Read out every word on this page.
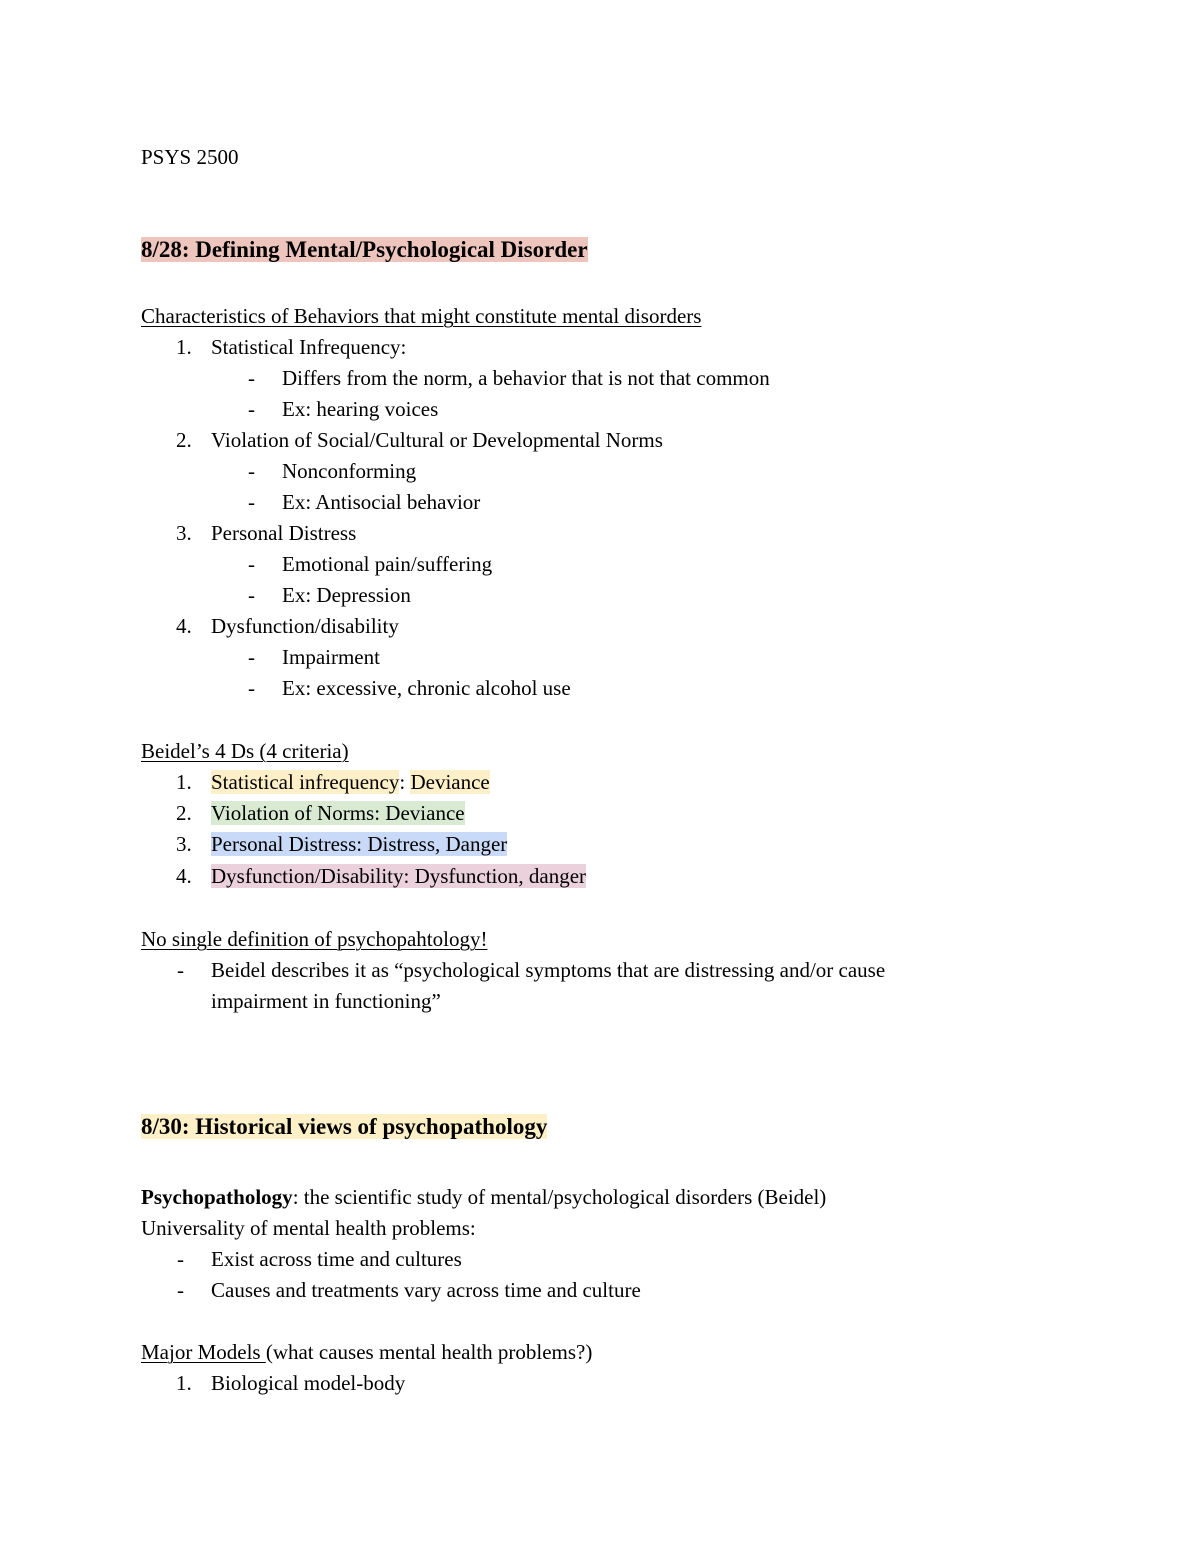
PSYS 2500
8/28: Defining Mental/Psychological Disorder
Characteristics of Behaviors that might constitute mental disorders
1. Statistical Infrequency:
- Differs from the norm, a behavior that is not that common
- Ex: hearing voices
2. Violation of Social/Cultural or Developmental Norms
- Nonconforming
- Ex: Antisocial behavior
3. Personal Distress
- Emotional pain/suffering
- Ex: Depression
4. Dysfunction/disability
- Impairment
- Ex: excessive, chronic alcohol use
Beidel’s 4 Ds (4 criteria)
1. Statistical infrequency: Deviance
2. Violation of Norms: Deviance
3. Personal Distress: Distress, Danger
4. Dysfunction/Disability: Dysfunction, danger
No single definition of psychopahtology!
- Beidel describes it as “psychological symptoms that are distressing and/or cause
impairment in functioning”
8/30: Historical views of psychopathology
Psychopathology: the scientific study of mental/psychological disorders (Beidel)
Universality of mental health problems:
- Exist across time and cultures
- Causes and treatments vary across time and culture
Major Models (what causes mental health problems?)
1. Biological model-body
